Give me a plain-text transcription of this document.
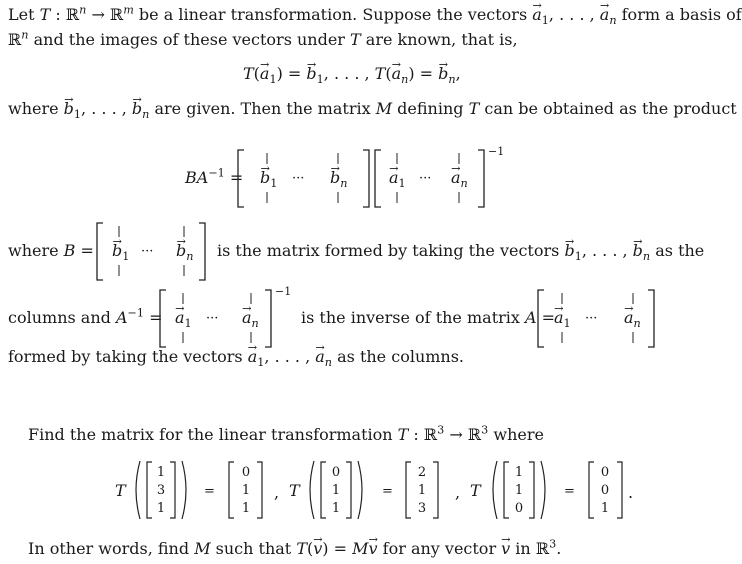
Let T : ℝ$^n$ → ℝ$^m$ be a linear transformation. Suppose the vectors → $a_1$, . . . , → $a_n$ form a basis of
ℝ$^n$ and the images of these vectors under T are known, that is,
$T(\to a_1)$ = → $b_1$, . . . , $T(\to a_n)$ = → $b_n$,
where → $b_1$, . . . , → $b_n$ are given. Then the matrix M defining T can be obtained as the product
$BA^{-1}$ = → $b_1$ ··· → $b_n$	→ $a_1$ ··· → $a_n$
−1
where B = → $b_1$ ··· → $b_n$ is the matrix formed by taking the vectors → $b_1$, . . . , → $b_n$ as the
columns and $A^{-1}$ = → $a_1$ ··· → $a_n$
−1
is the inverse of the matrix A =
→ $a_1$ ··· → $a_n$
formed by taking the vectors → $a_1$, . . . , → $a_n$ as the columns.
Find the matrix for the linear transformation T : ℝ$^3$ → ℝ$^3$ where
T
1
3
1
=
0
1
1
, T
0
1
1
=
2
1
3
, T
1
1
0
=
0
0
1
.
In other words, find M such that T(→ v) = M→ v for any vector → v in ℝ$^3$.
